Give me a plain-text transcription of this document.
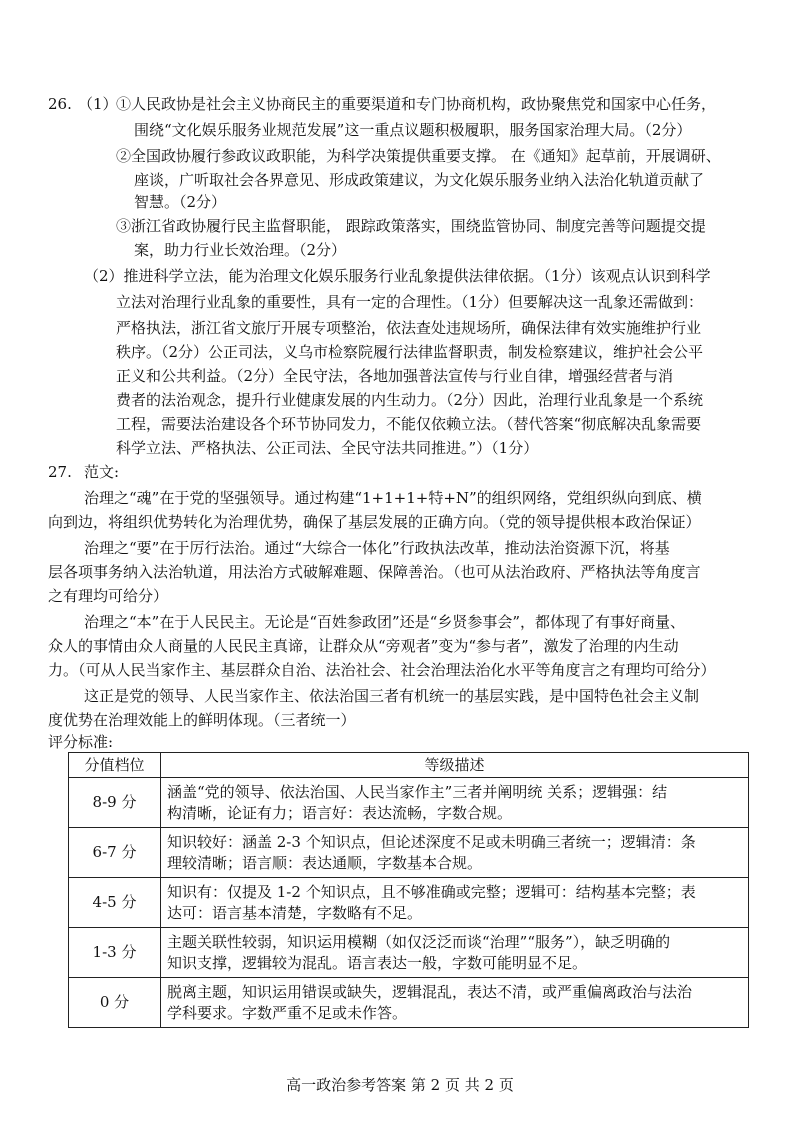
26. （1）
①人民政协是社会主义协商民主的重要渠道和专门协商机构，政协聚焦党和国家中心任务，
围绕“文化娱乐服务业规范发展”这一重点议题积极履职，服务国家治理大局。（2分）
②全国政协履行参政议政职能，为科学决策提供重要支撑。 在《通知》起草前，开展调研、
座谈，广听取社会各界意见、形成政策建议，为文化娱乐服务业纳入法治化轨道贡献了
智慧。（2分）
③浙江省政协履行民主监督职能， 跟踪政策落实，围绕监管协同、制度完善等问题提交提
案，助力行业长效治理。（2分）
（2）推进科学立法，能为治理文化娱乐服务行业乱象提供法律依据。（1分）该观点认识到科学
立法对治理行业乱象的重要性，具有一定的合理性。（1分）但要解决这一乱象还需做到：
严格执法，浙江省文旅厅开展专项整治，依法查处违规场所，确保法律有效实施维护行业
秩序。（2分）公正司法，义乌市检察院履行法律监督职责，制发检察建议，维护社会公平
正义和公共利益。（2分）全民守法，各地加强普法宣传与行业自律，增强经营者与消
费者的法治观念，提升行业健康发展的内生动力。（2分）因此，治理行业乱象是一个系统
工程，需要法治建设各个环节协同发力，不能仅依赖立法。（替代答案“彻底解决乱象需要
科学立法、严格执法、公正司法、全民守法共同推进。”）（1分）
27. 范文:
治理之“魂”在于党的坚强领导。通过构建“1+1+1+特+N”的组织网络，党组织纵向到底、横
向到边，将组织优势转化为治理优势，确保了基层发展的正确方向。（党的领导提供根本政治保证）
治理之“要”在于厉行法治。通过“大综合一体化”行政执法改革，推动法治资源下沉，将基
层各项事务纳入法治轨道，用法治方式破解难题、保障善治。（也可从法治政府、严格执法等角度言
之有理均可给分）
治理之“本”在于人民民主。无论是“百姓参政团”还是“乡贤参事会”，都体现了有事好商量、
众人的事情由众人商量的人民民主真谛，让群众从“旁观者”变为“参与者”，激发了治理的内生动
力。（可从人民当家作主、基层群众自治、法治社会、社会治理法治化水平等角度言之有理均可给分）
这正是党的领导、人民当家作主、依法治国三者有机统一的基层实践，是中国特色社会主义制
度优势在治理效能上的鲜明体现。（三者统一）
评分标准:
分值档位	等级描述
8-9 分	涵盖“党的领导、依法治国、人民当家作主”三者并阐明统 关系；逻辑强：结
构清晰，论证有力；语言好：表达流畅，字数合规。

6-7 分	知识较好：涵盖 2-3 个知识点，但论述深度不足或未明确三者统一；逻辑清：条
理较清晰；语言顺：表达通顺，字数基本合规。

4-5 分	知识有：仅提及 1-2 个知识点，且不够准确或完整；逻辑可：结构基本完整；表
达可：语言基本清楚，字数略有不足。

1-3 分	主题关联性较弱，知识运用模糊（如仅泛泛而谈“治理”“服务”），缺乏明确的
知识支撑，逻辑较为混乱。语言表达一般，字数可能明显不足。

0 分	脱离主题，知识运用错误或缺失，逻辑混乱，表达不清，或严重偏离政治与法治
学科要求。字数严重不足或未作答。
高一政治参考答案 第 2 页 共 2 页
